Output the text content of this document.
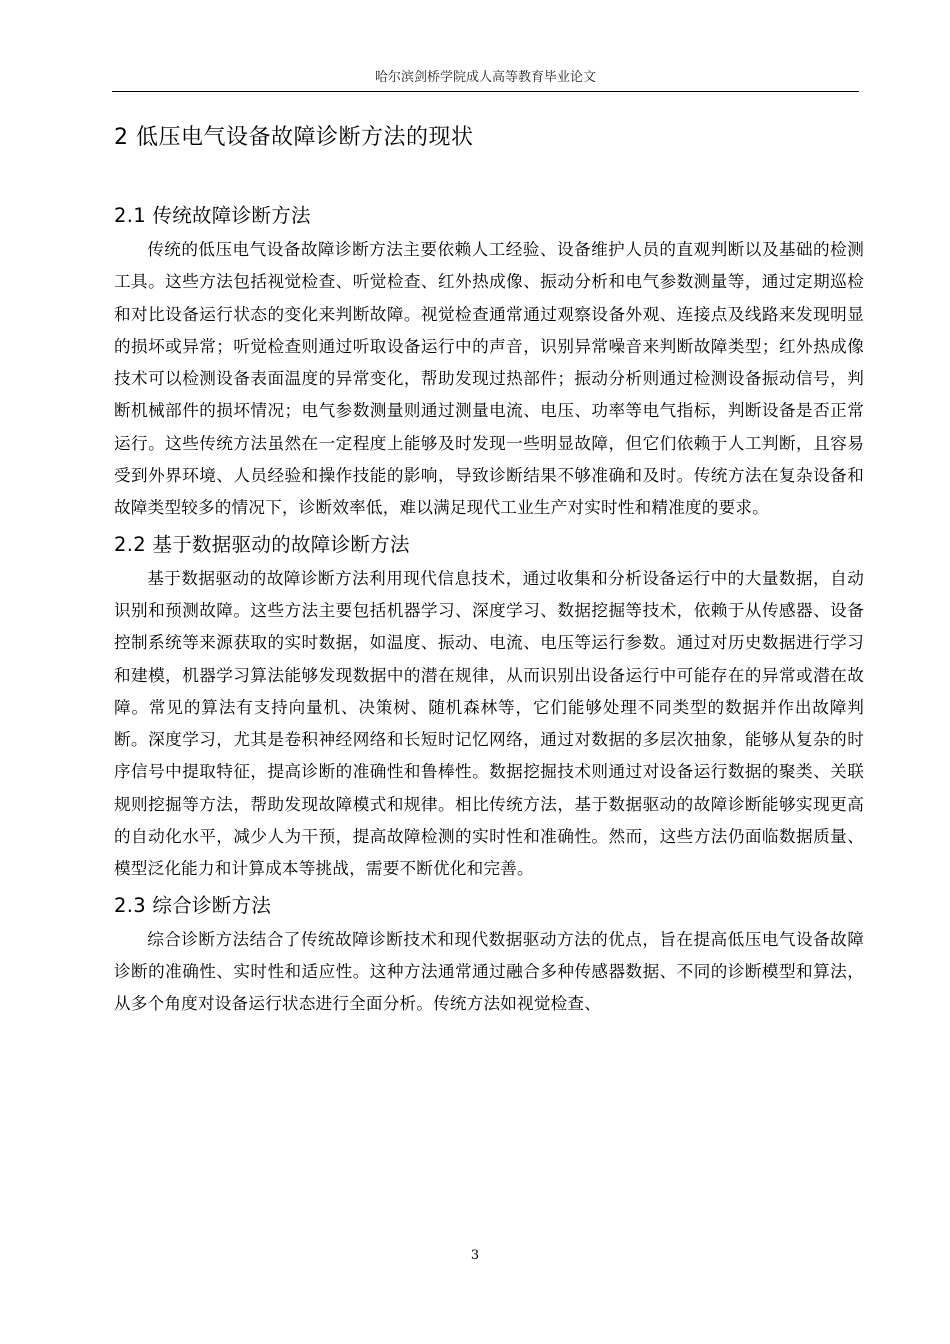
哈尔滨剑桥学院成人高等教育毕业论文
2 低压电气设备故障诊断方法的现状
2.1 传统故障诊断方法

传统的低压电气设备故障诊断方法主要依赖人工经验、设备维护人员的直观判断以及基础的检测工具。这些方法包括视觉检查、听觉检查、红外热成像、振动分析和电气参数测量等，通过定期巡检和对比设备运行状态的变化来判断故障。视觉检查通常通过观察设备外观、连接点及线路来发现明显的损坏或异常；听觉检查则通过听取设备运行中的声音，识别异常噪音来判断故障类型；红外热成像技术可以检测设备表面温度的异常变化，帮助发现过热部件；振动分析则通过检测设备振动信号，判断机械部件的损坏情况；电气参数测量则通过测量电流、电压、功率等电气指标，判断设备是否正常运行。这些传统方法虽然在一定程度上能够及时发现一些明显故障，但它们依赖于人工判断，且容易受到外界环境、人员经验和操作技能的影响，导致诊断结果不够准确和及时。传统方法在复杂设备和故障类型较多的情况下，诊断效率低，难以满足现代工业生产对实时性和精准度的要求。

2.2 基于数据驱动的故障诊断方法

基于数据驱动的故障诊断方法利用现代信息技术，通过收集和分析设备运行中的大量数据，自动识别和预测故障。这些方法主要包括机器学习、深度学习、数据挖掘等技术，依赖于从传感器、设备控制系统等来源获取的实时数据，如温度、振动、电流、电压等运行参数。通过对历史数据进行学习和建模，机器学习算法能够发现数据中的潜在规律，从而识别出设备运行中可能存在的异常或潜在故障。常见的算法有支持向量机、决策树、随机森林等，它们能够处理不同类型的数据并作出故障判断。深度学习，尤其是卷积神经网络和长短时记忆网络，通过对数据的多层次抽象，能够从复杂的时序信号中提取特征，提高诊断的准确性和鲁棒性。数据挖掘技术则通过对设备运行数据的聚类、关联规则挖掘等方法，帮助发现故障模式和规律。相比传统方法，基于数据驱动的故障诊断能够实现更高的自动化水平，减少人为干预，提高故障检测的实时性和准确性。然而，这些方法仍面临数据质量、模型泛化能力和计算成本等挑战，需要不断优化和完善。

2.3 综合诊断方法

综合诊断方法结合了传统故障诊断技术和现代数据驱动方法的优点，旨在提高低压电气设备故障诊断的准确性、实时性和适应性。这种方法通常通过融合多种传感器数据、不同的诊断模型和算法，从多个角度对设备运行状态进行全面分析。传统方法如视觉检查、

3
